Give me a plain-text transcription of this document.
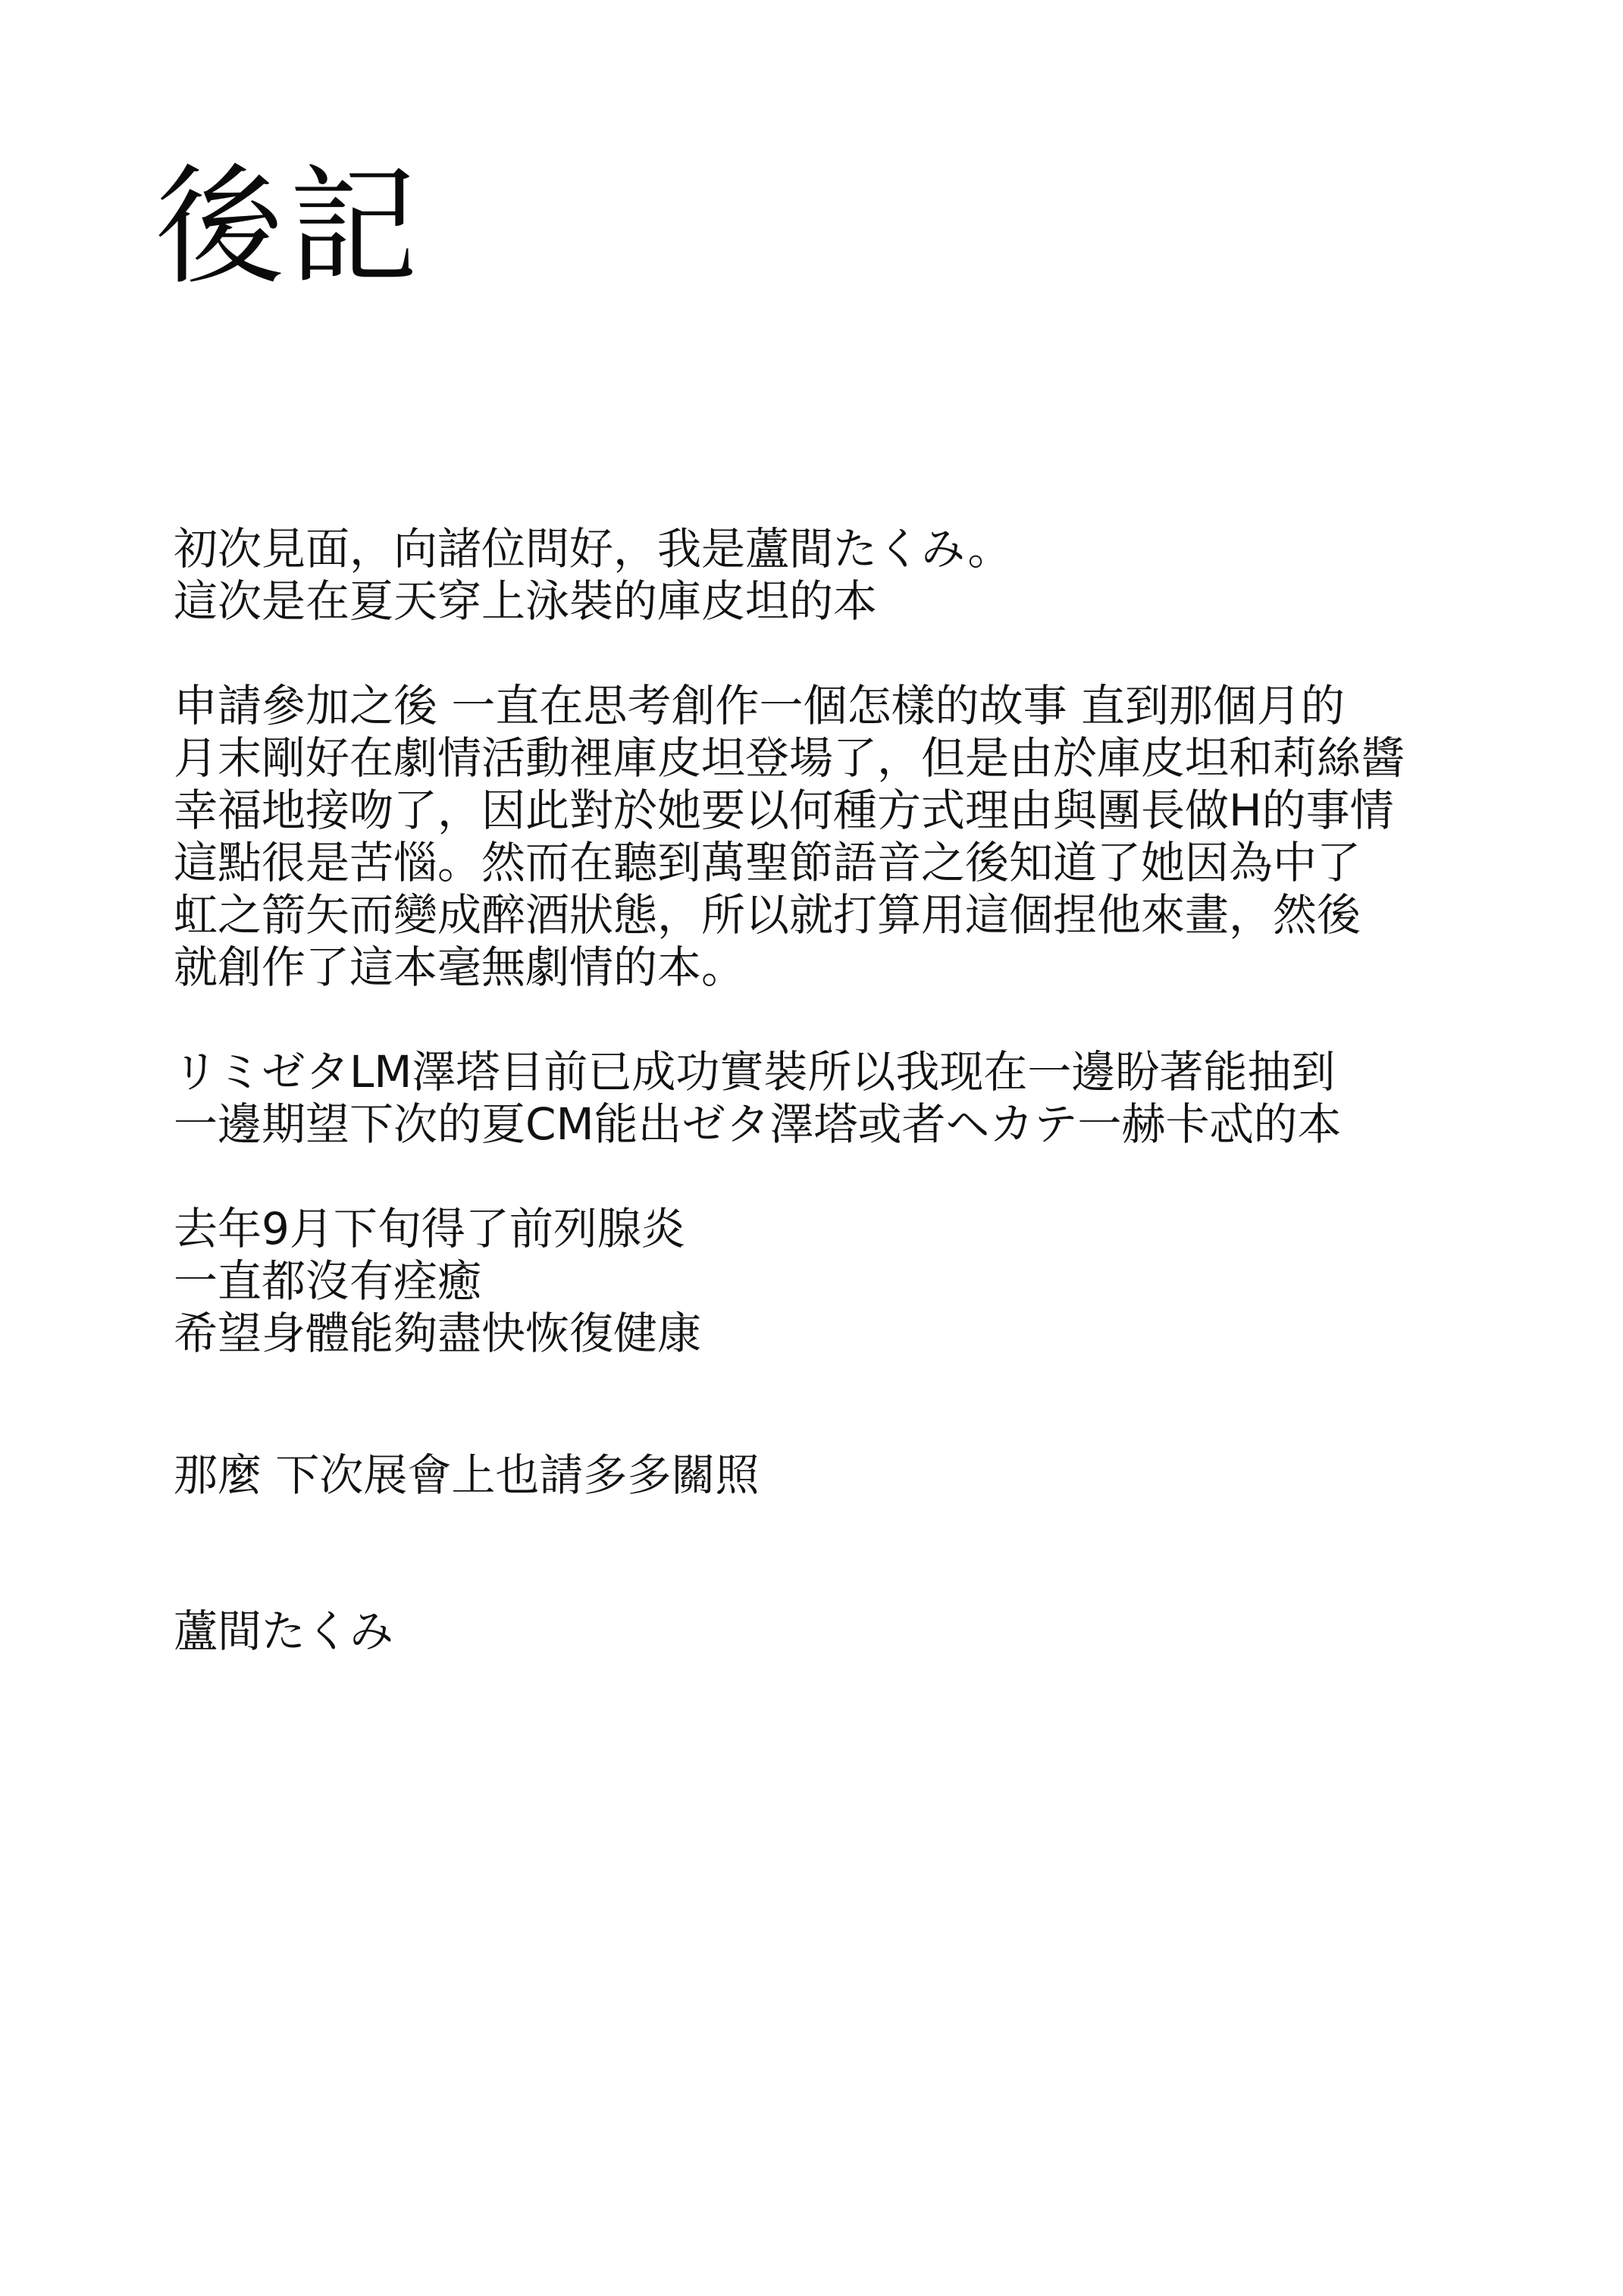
後記
初次見面，向諸位問好，我是蘆間たくみ。
這次是在夏天穿上泳裝的庫皮坦的本
申請參加之後 一直在思考創作一個怎樣的故事 直到那個月的
月末剛好在劇情活動裡庫皮坦登場了，但是由於庫皮坦和莉絲醬
幸福地接吻了，因此對於她要以何種方式理由與團長做H的事情
這點很是苦惱。然而在聽到萬聖節語音之後知道了她因為中了
虹之箭矢而變成醉酒狀態，所以就打算用這個捏他來畫，然後
就創作了這本毫無劇情的本。
リミゼタLM澤塔目前已成功實裝所以我现在一邊盼著能抽到
一邊期望下次的夏CM能出ゼタ澤塔或者ヘカテ一赫卡忒的本
去年9月下旬得了前列腺炎
一直都沒有痊癒
希望身體能夠盡快恢復健康
那麼 下次展會上也請多多關照
蘆間たくみ
